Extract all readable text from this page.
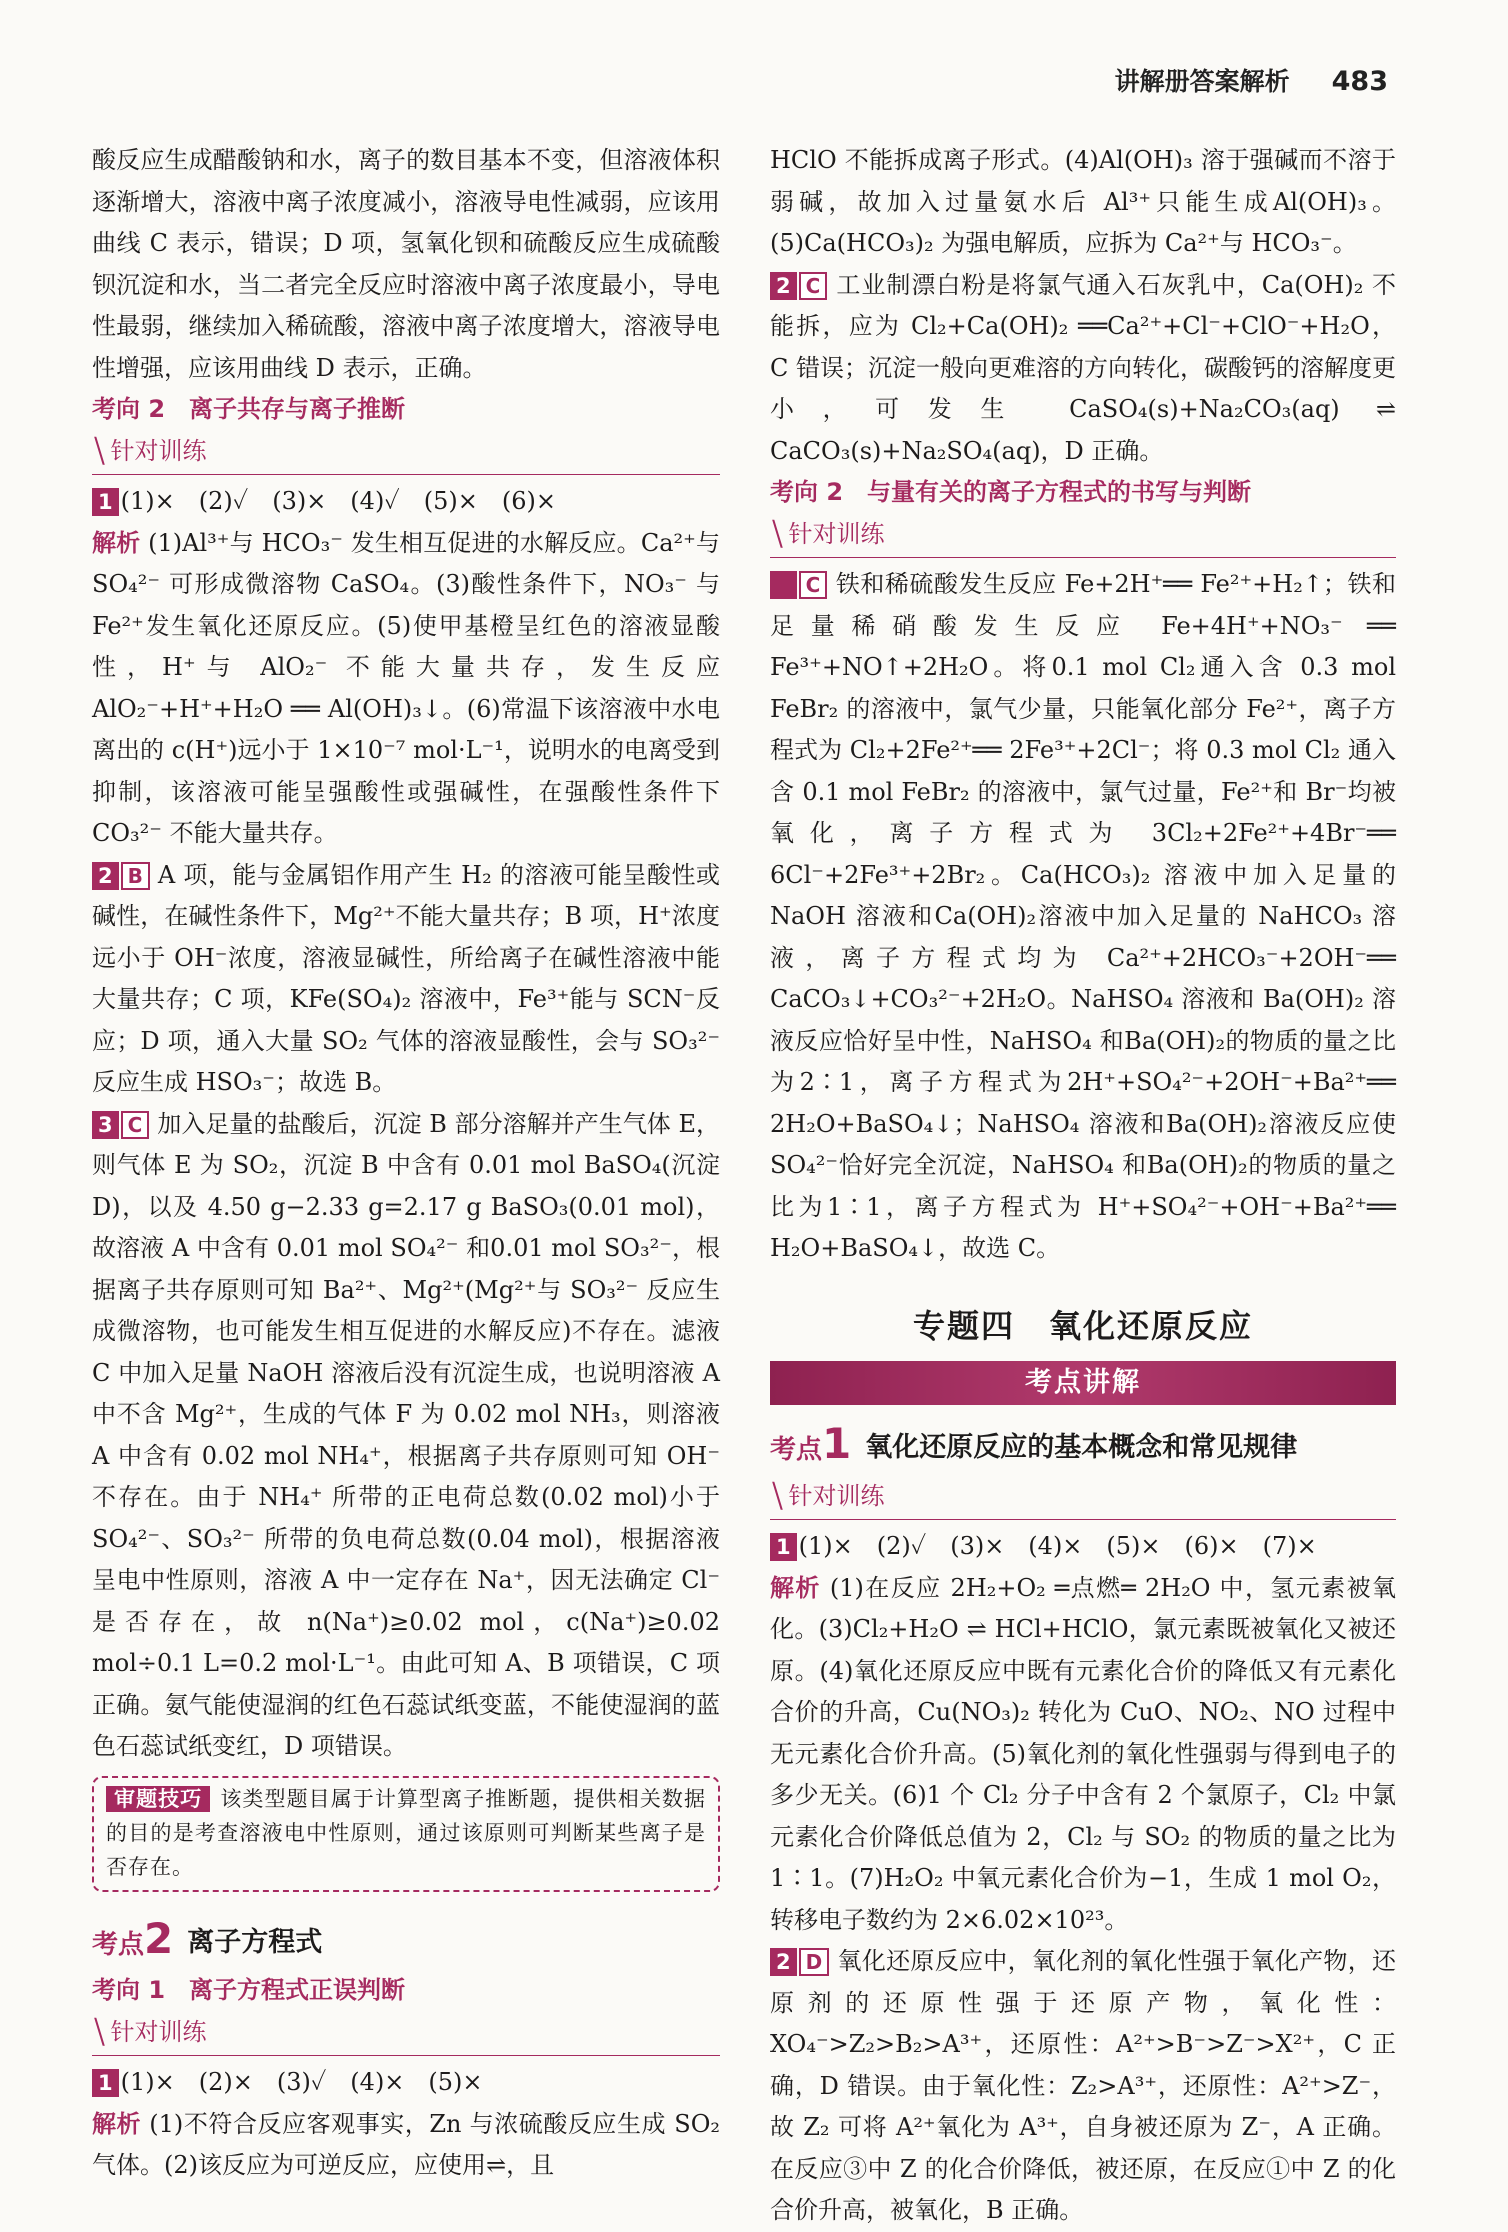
讲解册答案解析 483

酸反应生成醋酸钠和水，离子的数目基本不变，但溶液体积逐渐增大，溶液中离子浓度减小，溶液导电性减弱，应该用曲线 C 表示，错误；D 项，氢氧化钡和硫酸反应生成硫酸钡沉淀和水，当二者完全反应时溶液中离子浓度最小，导电性最弱，继续加入稀硫酸，溶液中离子浓度增大，溶液导电性增强，应该用曲线 D 表示，正确。

考向 2　离子共存与离子推断

╲ 针对训练

1 (1)×　(2)✓　(3)×　(4)✓　(5)×　(6)×

解析 (1)Al³⁺与 HCO₃⁻ 发生相互促进的水解反应。Ca²⁺与 SO₄²⁻ 可形成微溶物 CaSO₄。(3)酸性条件下，NO₃⁻ 与 Fe²⁺发生氧化还原反应。(5)使甲基橙呈红色的溶液显酸性，H⁺与 AlO₂⁻ 不能大量共存，发生反应 AlO₂⁻+H⁺+H₂O ══ Al(OH)₃↓。(6)常温下该溶液中水电离出的 c(H⁺)远小于 1×10⁻⁷ mol·L⁻¹，说明水的电离受到抑制，该溶液可能呈强酸性或强碱性，在强酸性条件下 CO₃²⁻ 不能大量共存。

2 B A 项，能与金属铝作用产生 H₂ 的溶液可能呈酸性或碱性，在碱性条件下，Mg²⁺不能大量共存；B 项，H⁺浓度远小于 OH⁻浓度，溶液显碱性，所给离子在碱性溶液中能大量共存；C 项，KFe(SO₄)₂ 溶液中，Fe³⁺能与 SCN⁻反应；D 项，通入大量 SO₂ 气体的溶液显酸性，会与 SO₃²⁻ 反应生成 HSO₃⁻；故选 B。

3 C 加入足量的盐酸后，沉淀 B 部分溶解并产生气体 E，则气体 E 为 SO₂，沉淀 B 中含有 0.01 mol BaSO₄(沉淀D)，以及 4.50 g−2.33 g=2.17 g BaSO₃(0.01 mol)，故溶液 A 中含有 0.01 mol SO₄²⁻ 和0.01 mol SO₃²⁻，根据离子共存原则可知 Ba²⁺、Mg²⁺(Mg²⁺与 SO₃²⁻ 反应生成微溶物，也可能发生相互促进的水解反应)不存在。滤液 C 中加入足量 NaOH 溶液后没有沉淀生成，也说明溶液 A 中不含 Mg²⁺，生成的气体 F 为 0.02 mol NH₃，则溶液 A 中含有 0.02 mol NH₄⁺，根据离子共存原则可知 OH⁻不存在。由于 NH₄⁺ 所带的正电荷总数(0.02 mol)小于 SO₄²⁻、SO₃²⁻ 所带的负电荷总数(0.04 mol)，根据溶液呈电中性原则，溶液 A 中一定存在 Na⁺，因无法确定 Cl⁻是否存在，故 n(Na⁺)≥0.02 mol，c(Na⁺)≥0.02 mol÷0.1 L=0.2 mol·L⁻¹。由此可知 A、B 项错误，C 项正确。氨气能使湿润的红色石蕊试纸变蓝，不能使湿润的蓝色石蕊试纸变红，D 项错误。

审题技巧 该类型题目属于计算型离子推断题，提供相关数据的目的是考查溶液电中性原则，通过该原则可判断某些离子是否存在。
考点2 离子方程式

考向 1　离子方程式正误判断

╲ 针对训练

1 (1)×　(2)×　(3)✓　(4)×　(5)×

解析 (1)不符合反应客观事实，Zn 与浓硫酸反应生成 SO₂ 气体。(2)该反应为可逆反应，应使用⇌，且

HClO 不能拆成离子形式。(4)Al(OH)₃ 溶于强碱而不溶于弱碱，故加入过量氨水后 Al³⁺只能生成Al(OH)₃。(5)Ca(HCO₃)₂ 为强电解质，应拆为 Ca²⁺与 HCO₃⁻。

2 C 工业制漂白粉是将氯气通入石灰乳中，Ca(OH)₂ 不能拆，应为 Cl₂+Ca(OH)₂ ══Ca²⁺+Cl⁻+ClO⁻+H₂O，C 错误；沉淀一般向更难溶的方向转化，碳酸钙的溶解度更小，可发生 CaSO₄(s)+Na₂CO₃(aq) ⇌ CaCO₃(s)+Na₂SO₄(aq)，D 正确。

考向 2　与量有关的离子方程式的书写与判断

╲ 针对训练

C 铁和稀硫酸发生反应 Fe+2H⁺══ Fe²⁺+H₂↑；铁和足量稀硝酸发生反应 Fe+4H⁺+NO₃⁻ ══ Fe³⁺+NO↑+2H₂O。将0.1 mol Cl₂通入含 0.3 mol FeBr₂ 的溶液中，氯气少量，只能氧化部分 Fe²⁺，离子方程式为 Cl₂+2Fe²⁺══ 2Fe³⁺+2Cl⁻；将 0.3 mol Cl₂ 通入含 0.1 mol FeBr₂ 的溶液中，氯气过量，Fe²⁺和 Br⁻均被氧化，离子方程式为 3Cl₂+2Fe²⁺+4Br⁻══ 6Cl⁻+2Fe³⁺+2Br₂。Ca(HCO₃)₂ 溶液中加入足量的 NaOH 溶液和Ca(OH)₂溶液中加入足量的 NaHCO₃ 溶液，离子方程式均为 Ca²⁺+2HCO₃⁻+2OH⁻══ CaCO₃↓+CO₃²⁻+2H₂O。NaHSO₄ 溶液和 Ba(OH)₂ 溶液反应恰好呈中性，NaHSO₄ 和Ba(OH)₂的物质的量之比为2∶1，离子方程式为2H⁺+SO₄²⁻+2OH⁻+Ba²⁺══ 2H₂O+BaSO₄↓；NaHSO₄ 溶液和Ba(OH)₂溶液反应使 SO₄²⁻恰好完全沉淀，NaHSO₄ 和Ba(OH)₂的物质的量之比为1∶1，离子方程式为 H⁺+SO₄²⁻+OH⁻+Ba²⁺══ H₂O+BaSO₄↓，故选 C。

专题四　氧化还原反应
考点讲解
考点1 氧化还原反应的基本概念和常见规律
╲ 针对训练

1 (1)×　(2)✓　(3)×　(4)×　(5)×　(6)×　(7)×

解析 (1)在反应 2H₂+O₂ ═点燃═ 2H₂O 中，氢元素被氧化。(3)Cl₂+H₂O ⇌ HCl+HClO，氯元素既被氧化又被还原。(4)氧化还原反应中既有元素化合价的降低又有元素化合价的升高，Cu(NO₃)₂ 转化为 CuO、NO₂、NO 过程中无元素化合价升高。(5)氧化剂的氧化性强弱与得到电子的多少无关。(6)1 个 Cl₂ 分子中含有 2 个氯原子，Cl₂ 中氯元素化合价降低总值为 2，Cl₂ 与 SO₂ 的物质的量之比为1∶1。(7)H₂O₂ 中氧元素化合价为−1，生成 1 mol O₂，转移电子数约为 2×6.02×10²³。

2 D 氧化还原反应中，氧化剂的氧化性强于氧化产物，还原剂的还原性强于还原产物，氧化性：XO₄⁻>Z₂>B₂>A³⁺，还原性：A²⁺>B⁻>Z⁻>X²⁺，C 正确，D 错误。由于氧化性：Z₂>A³⁺，还原性：A²⁺>Z⁻，故 Z₂ 可将 A²⁺氧化为 A³⁺，自身被还原为 Z⁻，A 正确。在反应③中 Z 的化合价降低，被还原，在反应①中 Z 的化合价升高，被氧化，B 正确。
